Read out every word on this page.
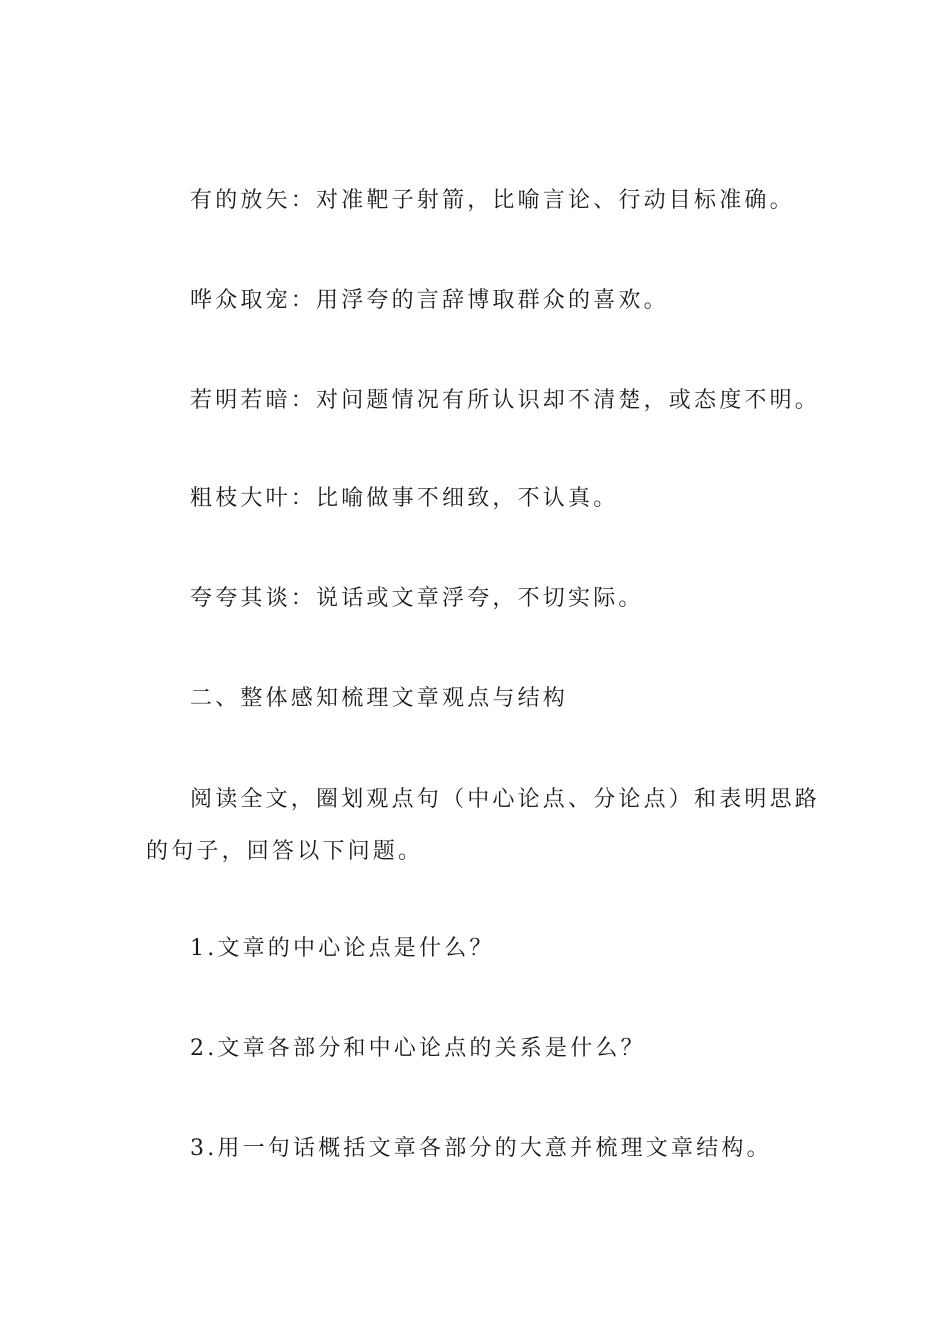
有的放矢：对准靶子射箭，比喻言论、行动目标准确。
哗众取宠：用浮夸的言辞博取群众的喜欢。
若明若暗：对问题情况有所认识却不清楚，或态度不明。
粗枝大叶：比喻做事不细致，不认真。
夸夸其谈：说话或文章浮夸，不切实际。
二、整体感知梳理文章观点与结构
阅读全文，圈划观点句（中心论点、分论点）和表明思路的句子，回答以下问题。
1.文章的中心论点是什么？
2.文章各部分和中心论点的关系是什么？
3.用一句话概括文章各部分的大意并梳理文章结构。
